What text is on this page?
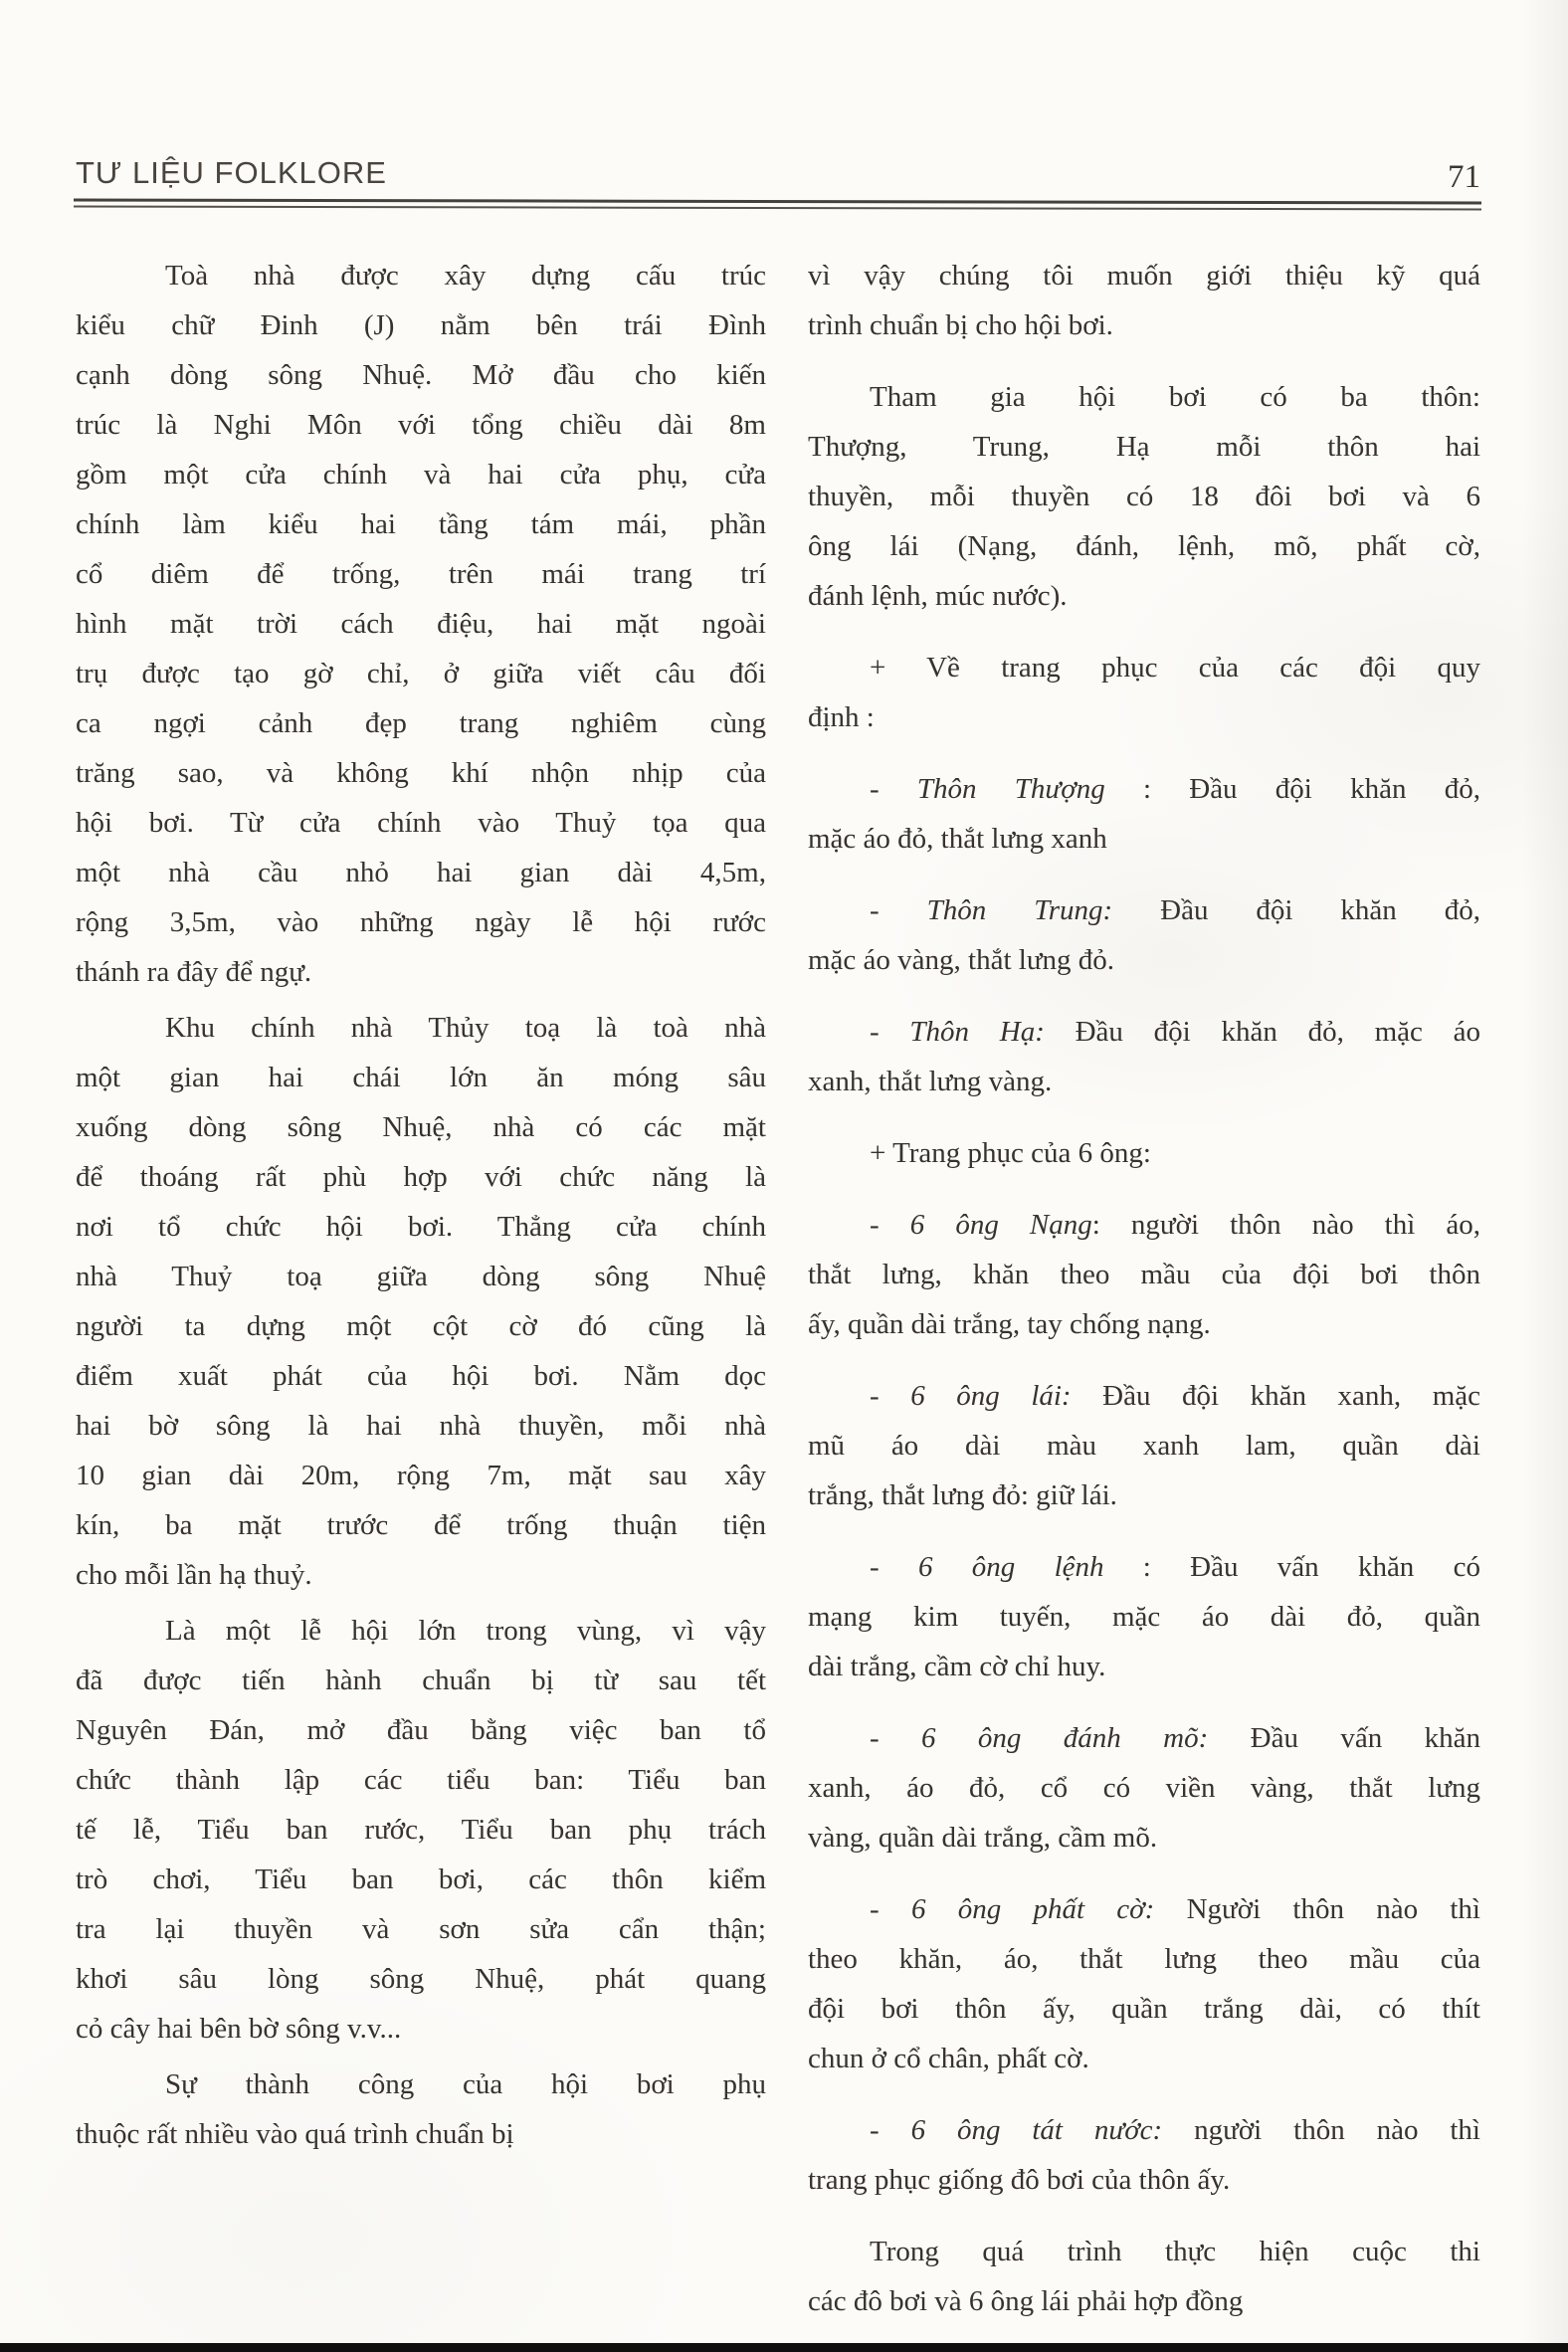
TƯ LIỆU FOLKLORE	71

Toà nhà được xây dựng cấu trúc
kiểu chữ Đinh (J) nằm bên trái Đình
cạnh dòng sông Nhuệ. Mở đầu cho kiến
trúc là Nghi Môn với tổng chiều dài 8m
gồm một cửa chính và hai cửa phụ, cửa
chính làm kiểu hai tầng tám mái, phần
cổ diêm để trống, trên mái trang trí
hình mặt trời cách điệu, hai mặt ngoài
trụ được tạo gờ chỉ, ở giữa viết câu đối
ca ngợi cảnh đẹp trang nghiêm cùng
trăng sao, và không khí nhộn nhịp của
hội bơi. Từ cửa chính vào Thuỷ tọa qua
một nhà cầu nhỏ hai gian dài 4,5m,
rộng 3,5m, vào những ngày lễ hội rước
thánh ra đây để ngự.

Khu chính nhà Thủy toạ là toà nhà
một gian hai chái lớn ăn móng sâu
xuống dòng sông Nhuệ, nhà có các mặt
để thoáng rất phù hợp với chức năng là
nơi tổ chức hội bơi. Thẳng cửa chính
nhà Thuỷ toạ giữa dòng sông Nhuệ
người ta dựng một cột cờ đó cũng là
điểm xuất phát của hội bơi. Nằm dọc
hai bờ sông là hai nhà thuyền, mỗi nhà
10 gian dài 20m, rộng 7m, mặt sau xây
kín, ba mặt trước để trống thuận tiện
cho mỗi lần hạ thuỷ.

Là một lễ hội lớn trong vùng, vì vậy
đã được tiến hành chuẩn bị từ sau tết
Nguyên Đán, mở đầu bằng việc ban tổ
chức thành lập các tiểu ban: Tiểu ban
tế lễ, Tiểu ban rước, Tiểu ban phụ trách
trò chơi, Tiểu ban bơi, các thôn kiểm
tra lại thuyền và sơn sửa cẩn thận;
khơi sâu lòng sông Nhuệ, phát quang
cỏ cây hai bên bờ sông v.v...

Sự thành công của hội bơi phụ
thuộc rất nhiều vào quá trình chuẩn bị

vì vậy chúng tôi muốn giới thiệu kỹ quá
trình chuẩn bị cho hội bơi.

Tham gia hội bơi có ba thôn:
Thượng, Trung, Hạ mỗi thôn hai
thuyền, mỗi thuyền có 18 đôi bơi và 6
ông lái (Nạng, đánh, lệnh, mõ, phất cờ,
đánh lệnh, múc nước).

+ Về trang phục của các đội quy
định :

- Thôn Thượng : Đầu đội khăn đỏ,
mặc áo đỏ, thắt lưng xanh

- Thôn Trung: Đầu đội khăn đỏ,
mặc áo vàng, thắt lưng đỏ.

- Thôn Hạ: Đầu đội khăn đỏ, mặc áo
xanh, thắt lưng vàng.

+ Trang phục của 6 ông:

- 6 ông Nạng: người thôn nào thì áo,
thắt lưng, khăn theo mầu của đội bơi thôn
ấy, quần dài trắng, tay chống nạng.

- 6 ông lái: Đầu đội khăn xanh, mặc
mũ áo dài màu xanh lam, quần dài
trắng, thắt lưng đỏ: giữ lái.

- 6 ông lệnh : Đầu vấn khăn có
mạng kim tuyến, mặc áo dài đỏ, quần
dài trắng, cầm cờ chỉ huy.

- 6 ông đánh mõ: Đầu vấn khăn
xanh, áo đỏ, cổ có viền vàng, thắt lưng
vàng, quần dài trắng, cầm mõ.

- 6 ông phất cờ: Người thôn nào thì
theo khăn, áo, thắt lưng theo mầu của
đội bơi thôn ấy, quần trắng dài, có thít
chun ở cổ chân, phất cờ.

- 6 ông tát nước: người thôn nào thì
trang phục giống đô bơi của thôn ấy.

Trong quá trình thực hiện cuộc thi
các đô bơi và 6 ông lái phải hợp đồng
